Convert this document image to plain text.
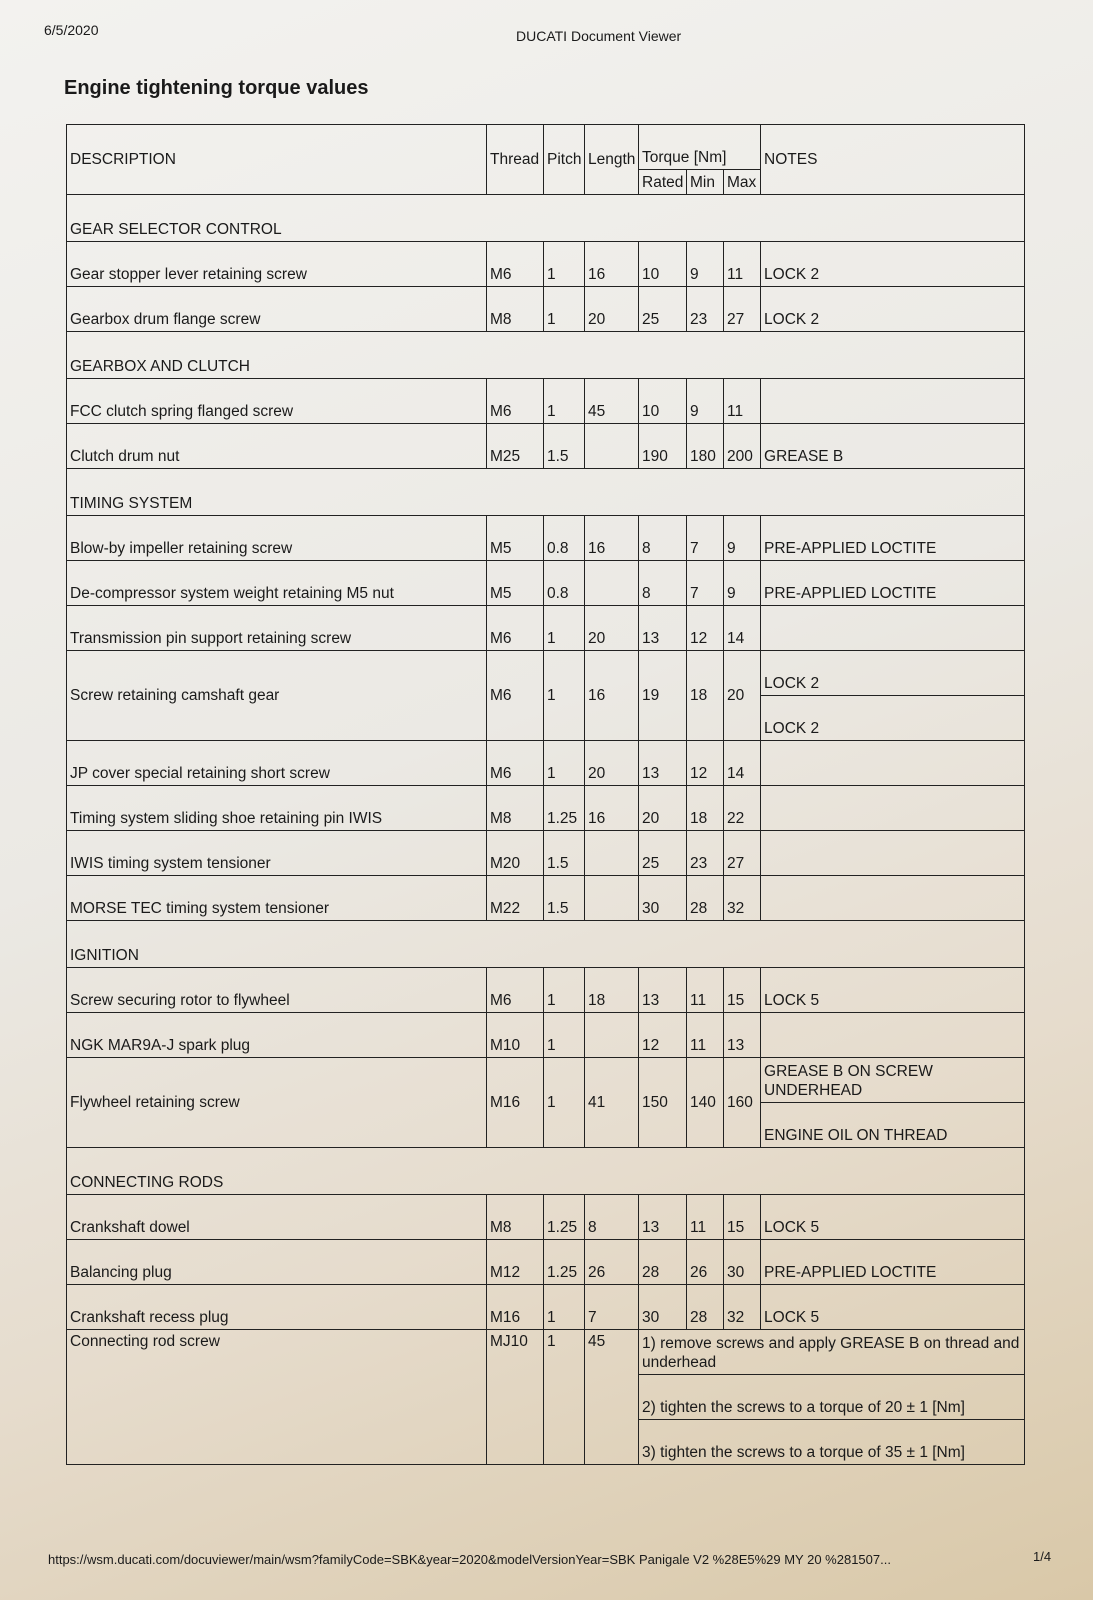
6/5/2020	DUCATI Document Viewer
Engine tightening torque values
DESCRIPTION	Thread	Pitch	Length	Torque [Nm]			NOTES
				Rated	Min	Max	
GEAR SELECTOR CONTROL							
Gear stopper lever retaining screw	M6	1	16	10	9	11	LOCK 2
Gearbox drum flange screw	M8	1	20	25	23	27	LOCK 2
GEARBOX AND CLUTCH							
FCC clutch spring flanged screw	M6	1	45	10	9	11	
Clutch drum nut	M25	1.5		190	180	200	GREASE B
TIMING SYSTEM							
Blow-by impeller retaining screw	M5	0.8	16	8	7	9	PRE-APPLIED LOCTITE
De-compressor system weight retaining M5 nut	M5	0.8		8	7	9	PRE-APPLIED LOCTITE
Transmission pin support retaining screw	M6	1	20	13	12	14	
Screw retaining camshaft gear	M6	1	16	19	18	20	LOCK 2
							LOCK 2
JP cover special retaining short screw	M6	1	20	13	12	14	
Timing system sliding shoe retaining pin IWIS	M8	1.25	16	20	18	22	
IWIS timing system tensioner	M20	1.5		25	23	27	
MORSE TEC timing system tensioner	M22	1.5		30	28	32	
IGNITION							
Screw securing rotor to flywheel	M6	1	18	13	11	15	LOCK 5
NGK MAR9A-J spark plug	M10	1		12	11	13	
Flywheel retaining screw	M16	1	41	150	140	160	GREASE B ON SCREW UNDERHEAD
							ENGINE OIL ON THREAD
CONNECTING RODS							
Crankshaft dowel	M8	1.25	8	13	11	15	LOCK 5
Balancing plug	M12	1.25	26	28	26	30	PRE-APPLIED LOCTITE
Crankshaft recess plug	M16	1	7	30	28	32	LOCK 5
Connecting rod screw	MJ10	1	45	1) remove screws and apply GREASE B on thread and underhead			
				2) tighten the screws to a torque of 20 ± 1 [Nm]			
				3) tighten the screws to a torque of 35 ± 1 [Nm]			
https://wsm.ducati.com/docuviewer/main/wsm?familyCode=SBK&year=2020&modelVersionYear=SBK Panigale V2 %28E5%29 MY 20 %281507...	1/4
